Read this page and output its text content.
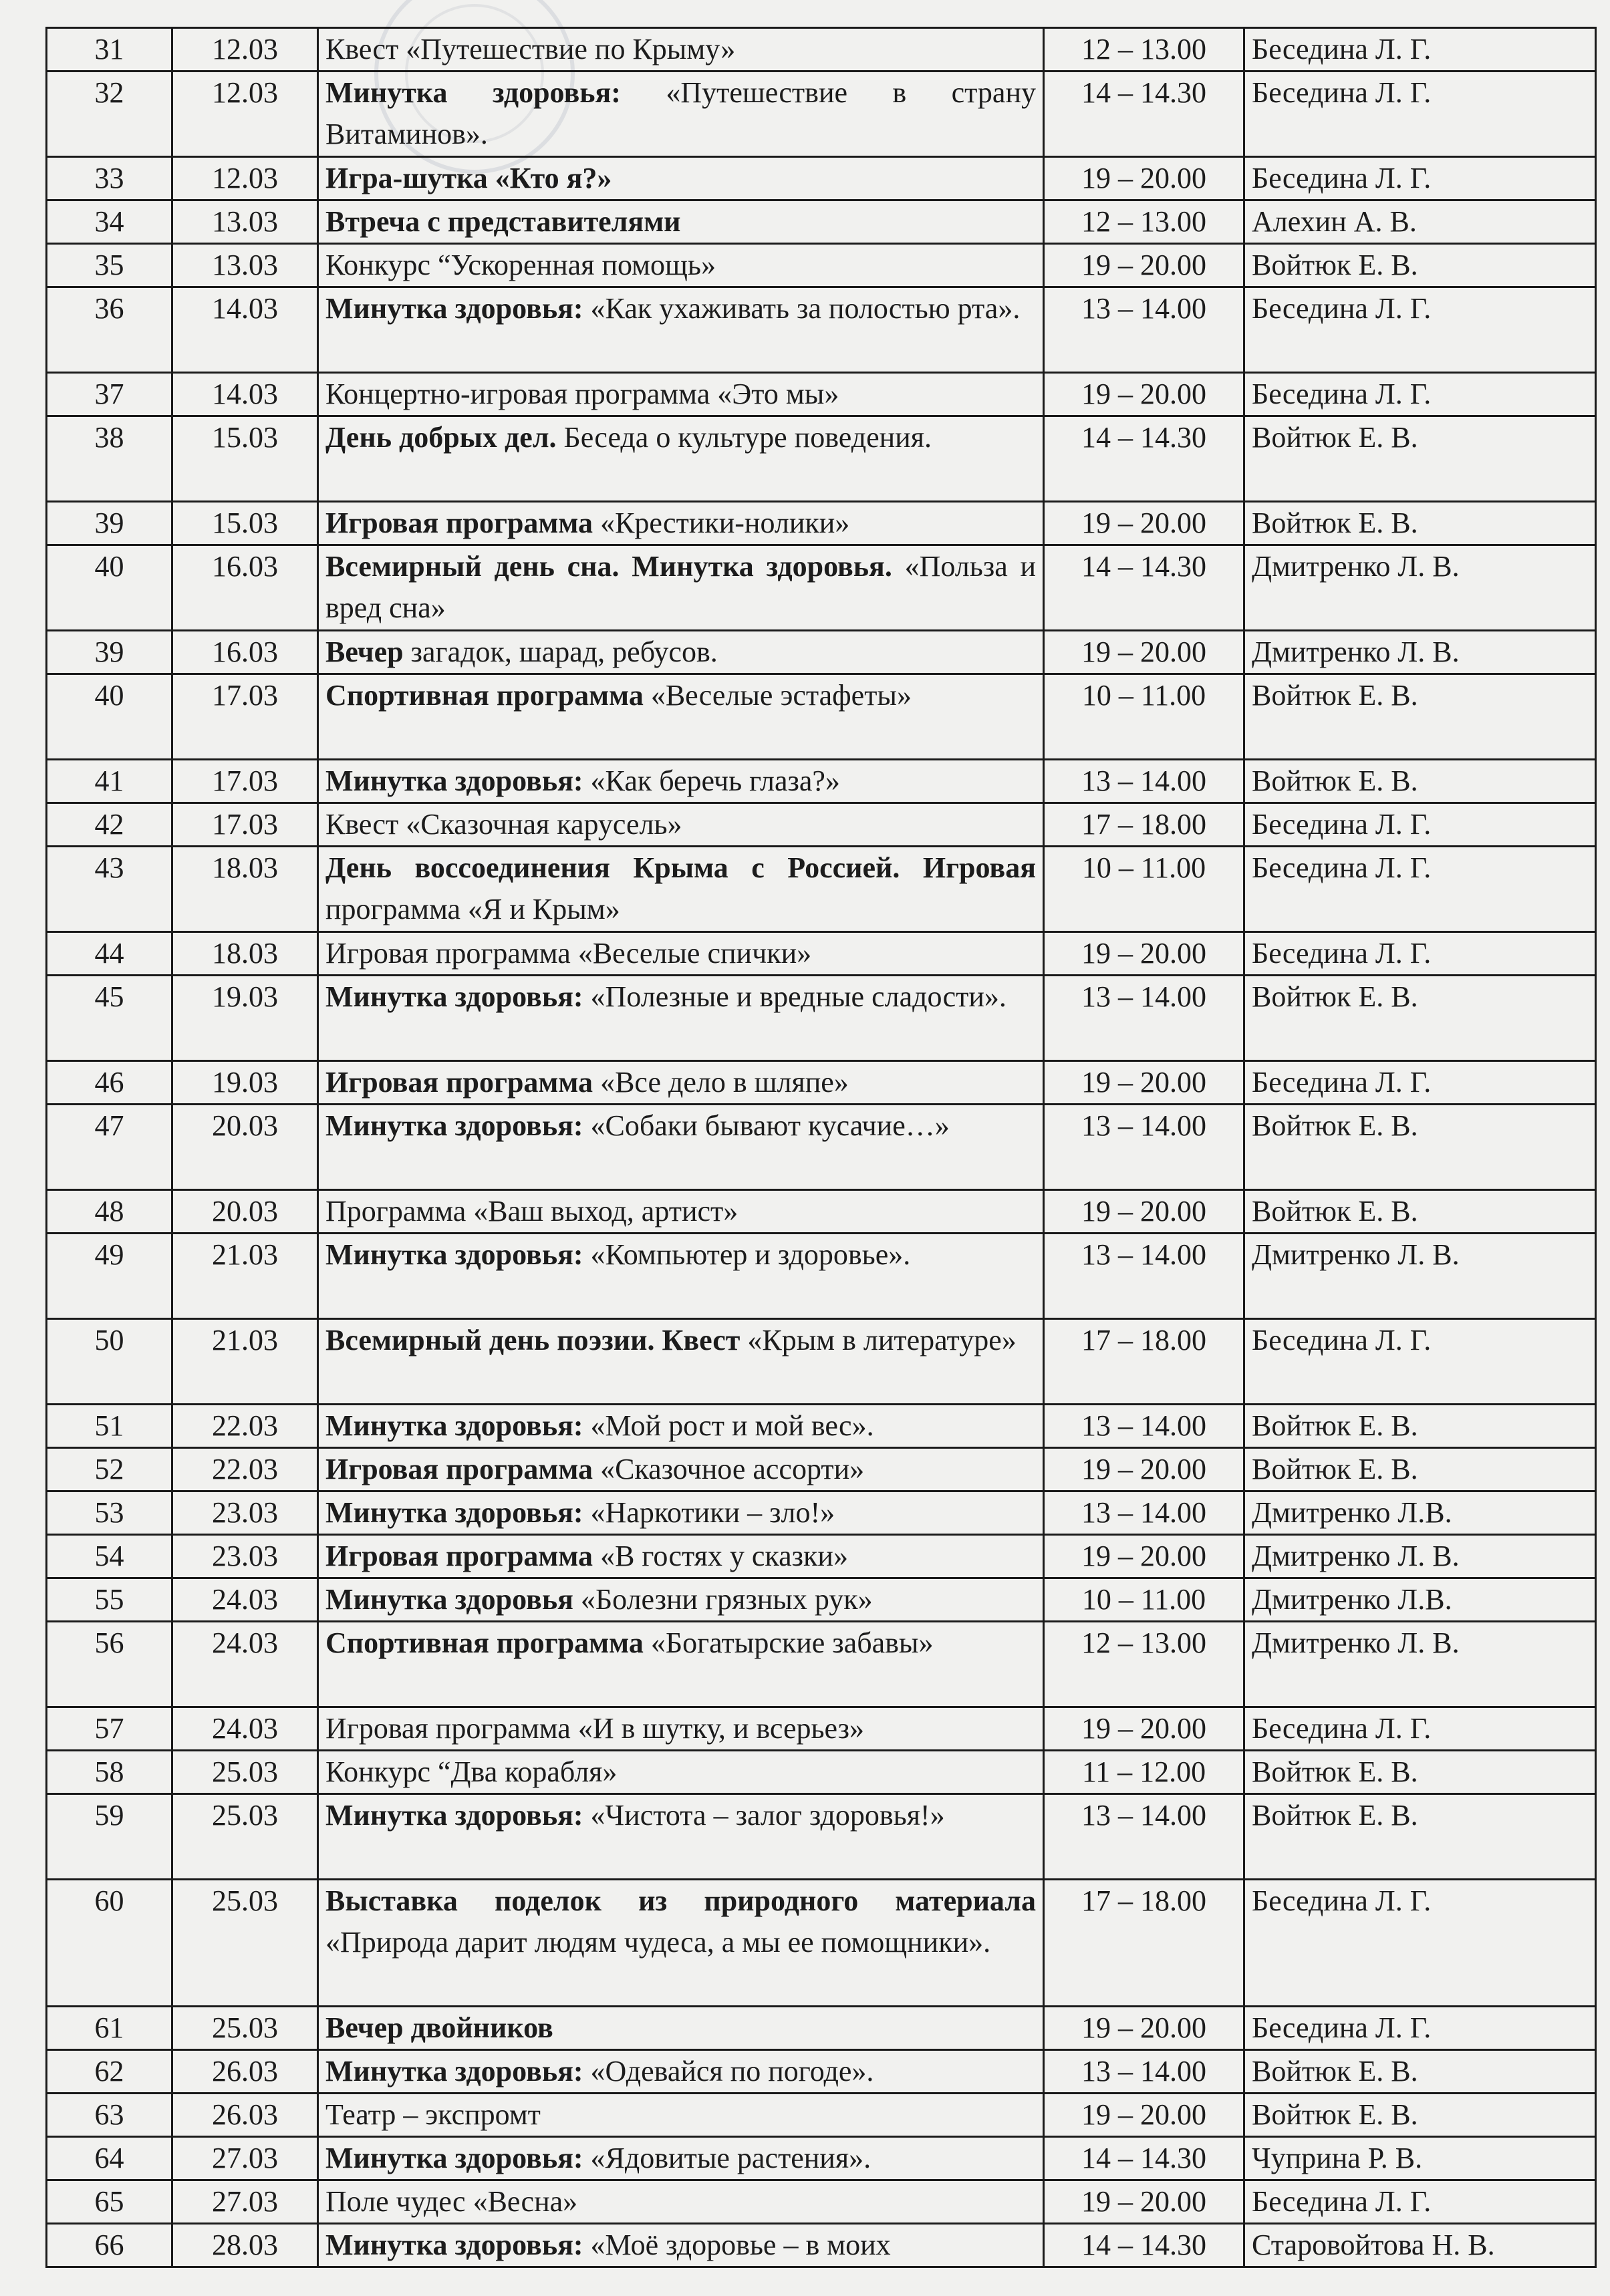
31	12.03	Квест «Путешествие по Крыму»	12 – 13.00	Беседина Л. Г.
32	12.03	Минутка здоровья: «Путешествие в страну Витаминов».	14 – 14.30	Беседина Л. Г.
33	12.03	Игра-шутка «Кто я?»	19 – 20.00	Беседина Л. Г.
34	13.03	Втреча с представителями	12 – 13.00	Алехин А. В.
35	13.03	Конкурс “Ускоренная помощь»	19 – 20.00	Войтюк Е. В.
36	14.03	Минутка здоровья: «Как ухаживать за полостью рта».	13 – 14.00	Беседина Л. Г.
37	14.03	Концертно-игровая программа «Это мы»	19 – 20.00	Беседина Л. Г.
38	15.03	День добрых дел. Беседа о культуре поведения.	14 – 14.30	Войтюк Е. В.
39	15.03	Игровая программа «Крестики-нолики»	19 – 20.00	Войтюк Е. В.
40	16.03	Всемирный день сна. Минутка здоровья. «Польза и вред сна»	14 – 14.30	Дмитренко Л. В.
39	16.03	Вечер загадок, шарад, ребусов.	19 – 20.00	Дмитренко Л. В.
40	17.03	Спортивная программа «Веселые эстафеты»	10 – 11.00	Войтюк Е. В.
41	17.03	Минутка здоровья: «Как беречь глаза?»	13 – 14.00	Войтюк Е. В.
42	17.03	Квест «Сказочная карусель»	17 – 18.00	Беседина Л. Г.
43	18.03	День воссоединения Крыма с Россией. Игровая программа «Я и Крым»	10 – 11.00	Беседина Л. Г.
44	18.03	Игровая программа «Веселые спички»	19 – 20.00	Беседина Л. Г.
45	19.03	Минутка здоровья: «Полезные и вредные сладости».	13 – 14.00	Войтюк Е. В.
46	19.03	Игровая программа «Все дело в шляпе»	19 – 20.00	Беседина Л. Г.
47	20.03	Минутка здоровья: «Собаки бывают кусачие…»	13 – 14.00	Войтюк Е. В.
48	20.03	Программа «Ваш выход, артист»	19 – 20.00	Войтюк Е. В.
49	21.03	Минутка здоровья: «Компьютер и здоровье».	13 – 14.00	Дмитренко Л. В.
50	21.03	Всемирный день поэзии. Квест «Крым в литературе»	17 – 18.00	Беседина Л. Г.
51	22.03	Минутка здоровья: «Мой рост и мой вес».	13 – 14.00	Войтюк Е. В.
52	22.03	Игровая программа «Сказочное ассорти»	19 – 20.00	Войтюк Е. В.
53	23.03	Минутка здоровья: «Наркотики – зло!»	13 – 14.00	Дмитренко Л.В.
54	23.03	Игровая программа «В гостях у сказки»	19 – 20.00	Дмитренко Л. В.
55	24.03	Минутка здоровья «Болезни грязных рук»	10 – 11.00	Дмитренко Л.В.
56	24.03	Спортивная программа «Богатырские забавы»	12 – 13.00	Дмитренко Л. В.
57	24.03	Игровая программа «И в шутку, и всерьез»	19 – 20.00	Беседина Л. Г.
58	25.03	Конкурс “Два корабля»	11 – 12.00	Войтюк Е. В.
59	25.03	Минутка здоровья: «Чистота – залог здоровья!»	13 – 14.00	Войтюк Е. В.
60	25.03	Выставка поделок из природного материала «Природа дарит людям чудеса, а мы ее помощники».	17 – 18.00	Беседина Л. Г.
61	25.03	Вечер двойников	19 – 20.00	Беседина Л. Г.
62	26.03	Минутка здоровья: «Одевайся по погоде».	13 – 14.00	Войтюк Е. В.
63	26.03	Театр – экспромт	19 – 20.00	Войтюк Е. В.
64	27.03	Минутка здоровья: «Ядовитые растения».	14 – 14.30	Чуприна Р. В.
65	27.03	Поле чудес «Весна»	19 – 20.00	Беседина Л. Г.
66	28.03	Минутка здоровья: «Моё здоровье – в моих	14 – 14.30	Старовойтова Н. В.
